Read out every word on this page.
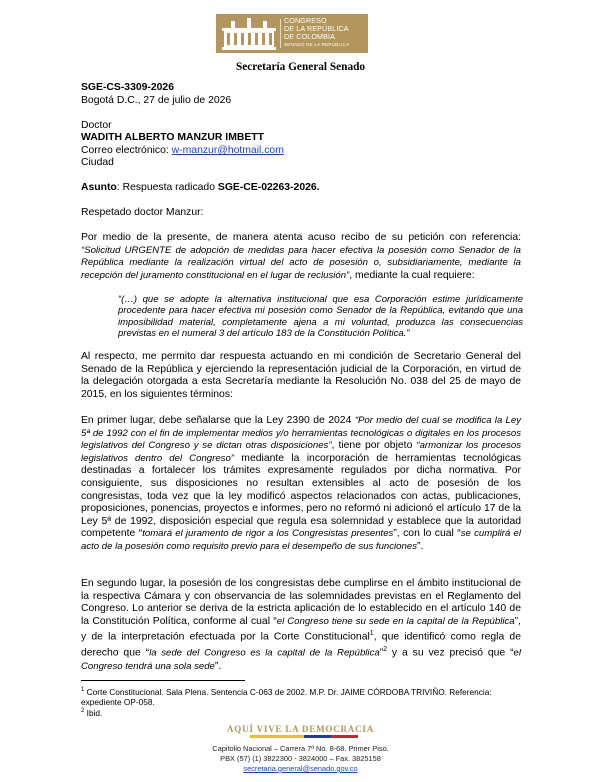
CONGRESO
DE LA REPÚBLICA
DE COLOMBIA
SENADO DE LA REPÚBLICA
Secretaría General Senado
SGE-CS-3309-2026
Bogotá D.C., 27 de julio de 2026
Doctor
WADITH ALBERTO MANZUR IMBETT
Correo electrónico: w-manzur@hotmail.com
Ciudad
Asunto: Respuesta radicado SGE-CE-02263-2026.
Respetado doctor Manzur:
Por medio de la presente, de manera atenta acuso recibo de su petición con referencia: “Solicitud URGENTE de adopción de medidas para hacer efectiva la posesión como Senador de la República mediante la realización virtual del acto de posesión o, subsidiariamente, mediante la recepción del juramento constitucional en el lugar de reclusión”, mediante la cual requiere:
“(…) que se adopte la alternativa institucional que esa Corporación estime jurídicamente procedente para hacer efectiva mi posesión como Senador de la República, evitando que una imposibilidad material, completamente ajena a mi voluntad, produzca las consecuencias previstas en el numeral 3 del artículo 183 de la Constitución Política.”
Al respecto, me permito dar respuesta actuando en mi condición de Secretario General del Senado de la República y ejerciendo la representación judicial de la Corporación, en virtud de la delegación otorgada a esta Secretaría mediante la Resolución No. 038 del 25 de mayo de 2015, en los siguientes términos:
En primer lugar, debe señalarse que la Ley 2390 de 2024 “Por medio del cual se modifica la Ley 5ª de 1992 con el fin de implementar medios y/o herramientas tecnológicas o digitales en los procesos legislativos del Congreso y se dictan otras disposiciones”, tiene por objeto “armonizar los procesos legislativos dentro del Congreso” mediante la incorporación de herramientas tecnológicas destinadas a fortalecer los trámites expresamente regulados por dicha normativa. Por consiguiente, sus disposiciones no resultan extensibles al acto de posesión de los congresistas, toda vez que la ley modificó aspectos relacionados con actas, publicaciones, proposiciones, ponencias, proyectos e informes, pero no reformó ni adicionó el artículo 17 de la Ley 5ª de 1992, disposición especial que regula esa solemnidad y establece que la autoridad competente “tomará el juramento de rigor a los Congresistas presentes”, con lo cual “se cumplirá el acto de la posesión como requisito previo para el desempeño de sus funciones”.
En segundo lugar, la posesión de los congresistas debe cumplirse en el ámbito institucional de la respectiva Cámara y con observancia de las solemnidades previstas en el Reglamento del Congreso. Lo anterior se deriva de la estricta aplicación de lo establecido en el artículo 140 de la Constitución Política, conforme al cual “el Congreso tiene su sede en la capital de la República”, y de la interpretación efectuada por la Corte Constitucional$^1$, que identificó como regla de derecho que “la sede del Congreso es la capital de la República”$^2$ y a su vez precisó que “el Congreso tendrá una sola sede”.
$^1$ Corte Constitucional. Sala Plena. Sentencia C-063 de 2002. M.P. Dr. JAIME CÓRDOBA TRIVIÑO. Referencia: expediente OP-058.
$^2$ Ibid.
AQUÍ VIVE LA DEMOCRACIA
Capitolio Nacional – Carrera 7ª No. 8-68. Primer Piso.
PBX (57) (1) 3822300 - 3824000 – Fax. 3825158
secretaria.general@senado.gov.co
